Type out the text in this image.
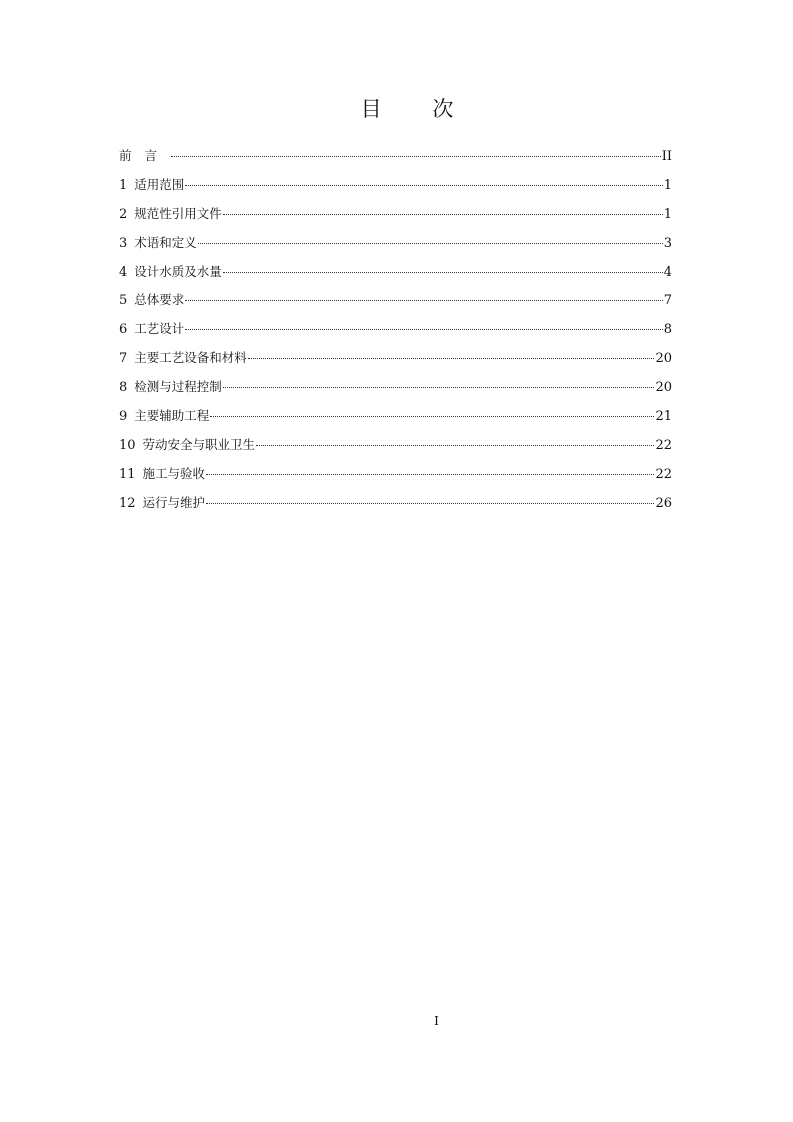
目 次
前言	II
1 适用范围	1
2 规范性引用文件	1
3 术语和定义	3
4 设计水质及水量	4
5 总体要求	7
6 工艺设计	8
7 主要工艺设备和材料	20
8 检测与过程控制	20
9 主要辅助工程	21
10 劳动安全与职业卫生	22
11 施工与验收	22
12 运行与维护	26
I
